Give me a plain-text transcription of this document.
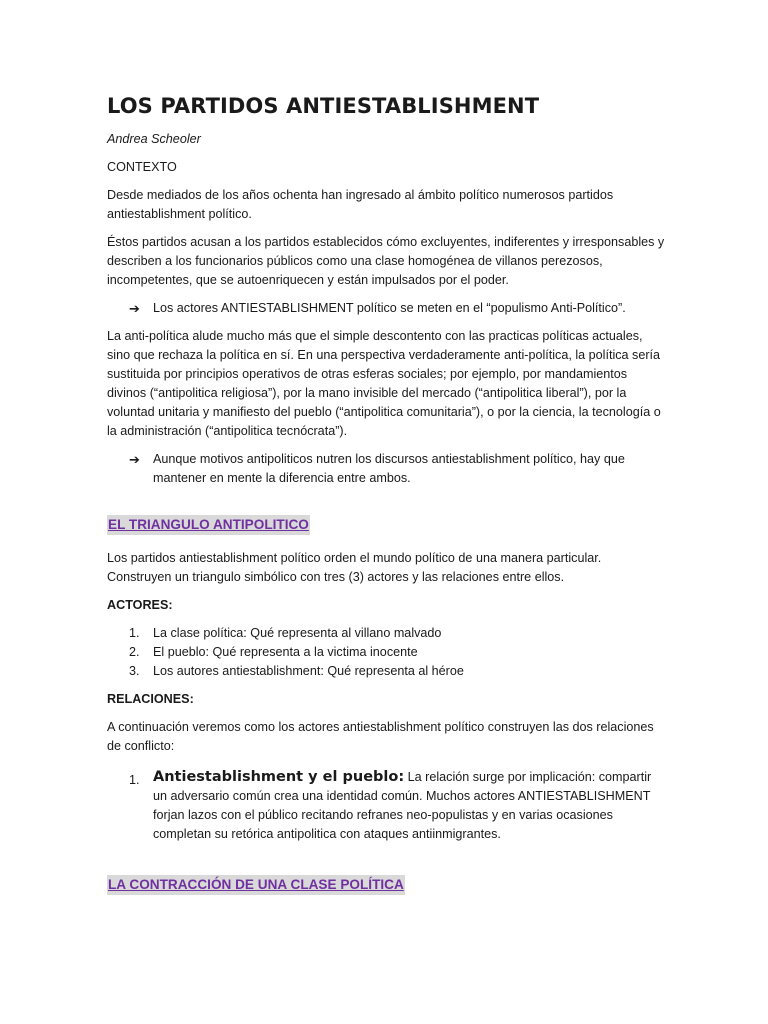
LOS PARTIDOS ANTIESTABLISHMENT

Andrea Scheoler

CONTEXTO

Desde mediados de los años ochenta han ingresado al ámbito político numerosos partidos antiestablishment político.

Éstos partidos acusan a los partidos establecidos cómo excluyentes, indiferentes y irresponsables y describen a los funcionarios públicos como una clase homogénea de villanos perezosos, incompetentes, que se autoenriquecen y están impulsados por el poder.

➔	Los actores ANTIESTABLISHMENT político se meten en el “populismo Anti-Político”.

La anti-política alude mucho más que el simple descontento con las practicas políticas actuales, sino que rechaza la política en sí. En una perspectiva verdaderamente anti-política, la política sería sustituida por principios operativos de otras esferas sociales; por ejemplo, por mandamientos divinos (“antipolitica religiosa”), por la mano invisible del mercado (“antipolitica liberal”), por la voluntad unitaria y manifiesto del pueblo (“antipolitica comunitaria”), o por la ciencia, la tecnología o la administración (“antipolitica tecnócrata”).

➔	Aunque motivos antipoliticos nutren los discursos antiestablishment político, hay que mantener en mente la diferencia entre ambos.
EL TRIANGULO ANTIPOLITICO

Los partidos antiestablishment político orden el mundo político de una manera particular. Construyen un triangulo simbólico con tres (3) actores y las relaciones entre ellos.

ACTORES:

1.	La clase política: Qué representa al villano malvado
2.	El pueblo: Qué representa a la victima inocente
3.	Los autores antiestablishment: Qué representa al héroe

RELACIONES:

A continuación veremos como los actores antiestablishment político construyen las dos relaciones de conflicto:

1. Antiestablishment y el pueblo: La relación surge por implicación: compartir un adversario común crea una identidad común. Muchos actores ANTIESTABLISHMENT forjan lazos con el público recitando refranes neo-populistas y en varias ocasiones completan su retórica antipolitica con ataques antiinmigrantes.
LA CONTRACCIÓN DE UNA CLASE POLÍTICA
